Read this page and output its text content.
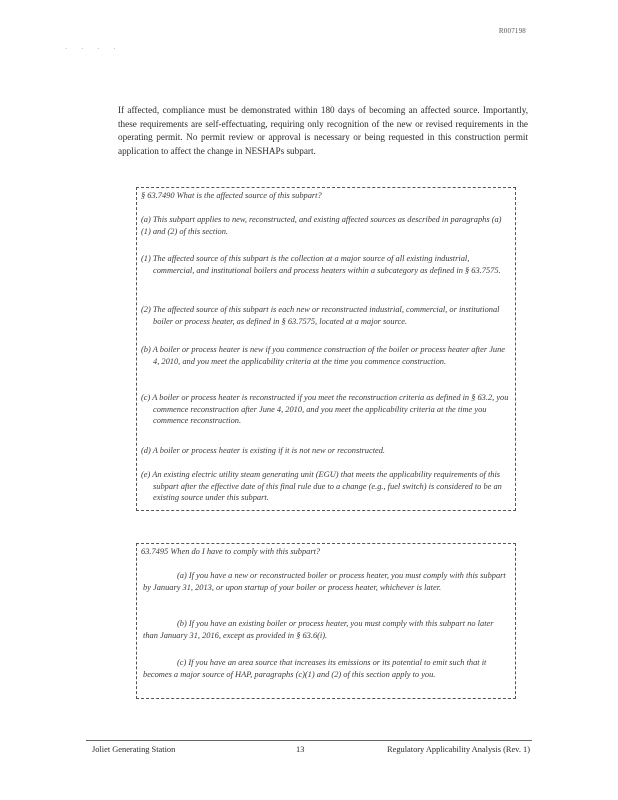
R007198
· · · ·

If affected, compliance must be demonstrated within 180 days of becoming an affected source. Importantly, these requirements are self-effectuating, requiring only recognition of the new or revised requirements in the operating permit. No permit review or approval is necessary or being requested in this construction permit application to affect the change in NESHAPs subpart.

§ 63.7490 What is the affected source of this subpart?

(a) This subpart applies to new, reconstructed, and existing affected sources as described in paragraphs (a)(1) and (2) of this section.

(1) The affected source of this subpart is the collection at a major source of all existing industrial, commercial, and institutional boilers and process heaters within a subcategory as defined in § 63.7575.

(2) The affected source of this subpart is each new or reconstructed industrial, commercial, or institutional boiler or process heater, as defined in § 63.7575, located at a major source.

(b) A boiler or process heater is new if you commence construction of the boiler or process heater after June 4, 2010, and you meet the applicability criteria at the time you commence construction.

(c) A boiler or process heater is reconstructed if you meet the reconstruction criteria as defined in § 63.2, you commence reconstruction after June 4, 2010, and you meet the applicability criteria at the time you commence reconstruction.

(d) A boiler or process heater is existing if it is not new or reconstructed.

(e) An existing electric utility steam generating unit (EGU) that meets the applicability requirements of this subpart after the effective date of this final rule due to a change (e.g., fuel switch) is considered to be an existing source under this subpart.

63.7495 When do I have to comply with this subpart?

(a) If you have a new or reconstructed boiler or process heater, you must comply with this subpart by January 31, 2013, or upon startup of your boiler or process heater, whichever is later.

(b) If you have an existing boiler or process heater, you must comply with this subpart no later than January 31, 2016, except as provided in § 63.6(i).

(c) If you have an area source that increases its emissions or its potential to emit such that it becomes a major source of HAP, paragraphs (c)(1) and (2) of this section apply to you.

Joliet Generating Station	13	Regulatory Applicability Analysis (Rev. 1)
